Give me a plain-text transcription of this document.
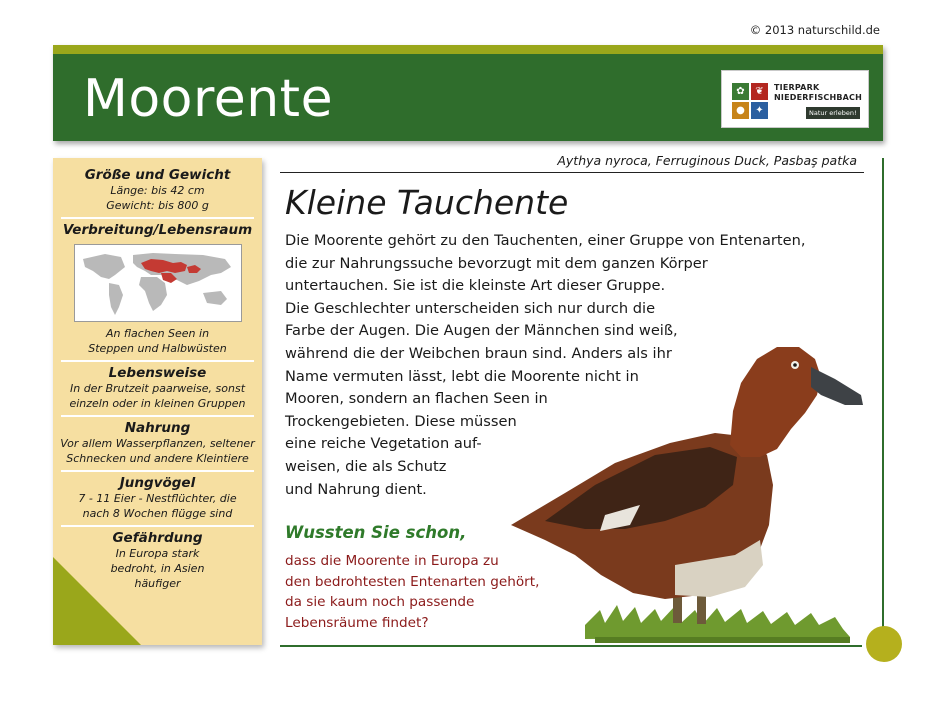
© 2013 naturschild.de
Moorente	✿	❦
●	✦
TIERPARK
NIEDERFISCHBACH
Natur erleben!
Größe und Gewicht
Länge: bis 42 cm
Gewicht: bis 800 g
Verbreitung/Lebensraum
An flachen Seen in
Steppen und Halbwüsten
Lebensweise
In der Brutzeit paarweise, sonst
einzeln oder in kleinen Gruppen
Nahrung
Vor allem Wasserpflanzen, seltener
Schnecken und andere Kleintiere
Jungvögel
7 - 11 Eier - Nestflüchter, die
nach 8 Wochen flügge sind
Gefährdung
In Europa stark
bedroht, in Asien
häufiger
Aythya nyroca, Ferruginous Duck, Pasbaş patka
Kleine Tauchente
Die Moorente gehört zu den Tauchenten, einer Gruppe von Entenarten,
die zur Nahrungssuche bevorzugt mit dem ganzen Körper
untertauchen. Sie ist die kleinste Art dieser Gruppe.
Die Geschlechter unterscheiden sich nur durch die
Farbe der Augen. Die Augen der Männchen sind weiß,
während die der Weibchen braun sind. Anders als ihr
Name vermuten lässt, lebt die Moorente nicht in
Mooren, sondern an flachen Seen in
Trockengebieten. Diese müssen
eine reiche Vegetation auf-
weisen, die als Schutz
und Nahrung dient.
Wussten Sie schon,
dass die Moorente in Europa zu
den bedrohtesten Entenarten gehört,
da sie kaum noch passende
Lebensräume findet?
